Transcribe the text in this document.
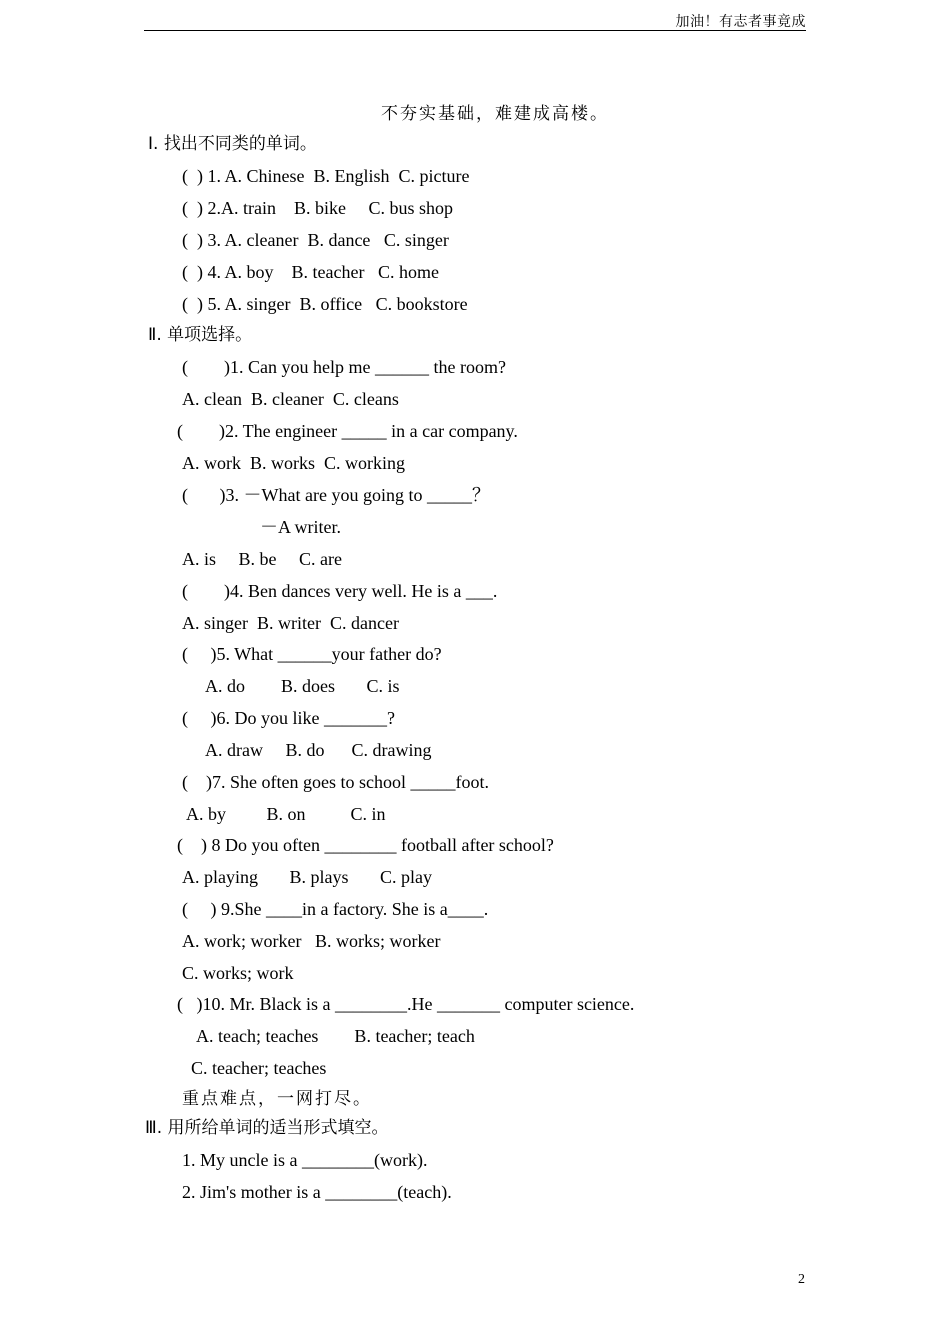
加油！有志者事竟成
不夯实基础，难建成高楼。
Ⅰ. 找出不同类的单词。
(  ) 1. A. Chinese  B. English  C. picture
(  ) 2.A. train    B. bike     C. bus shop
(  ) 3. A. cleaner  B. dance   C. singer
(  ) 4. A. boy    B. teacher   C. home
(  ) 5. A. singer  B. office   C. bookstore
Ⅱ. 单项选择。
(        )1. Can you help me ______ the room?
A. clean  B. cleaner  C. cleans
(        )2. The engineer _____ in a car company.
A. work  B. works  C. working
(       )3. －What are you going to _____？
－A writer.
A. is     B. be     C. are
(        )4. Ben dances very well. He is a ___.
A. singer  B. writer  C. dancer
(     )5. What ______your father do?
A. do        B. does       C. is
(     )6. Do you like _______?
A. draw     B. do      C. drawing
(    )7. She often goes to school _____foot.
A. by         B. on          C. in
(    ) 8 Do you often ________ football after school?
A. playing       B. plays       C. play
(     ) 9.She ____in a factory. She is a____.
A. work; worker   B. works; worker
C. works; work
(   )10. Mr. Black is a ________.He _______ computer science.
A. teach; teaches        B. teacher; teach
C. teacher; teaches
重点难点，一网打尽。
Ⅲ. 用所给单词的适当形式填空。
1. My uncle is a ________(work).
2. Jim's mother is a ________(teach).
2
